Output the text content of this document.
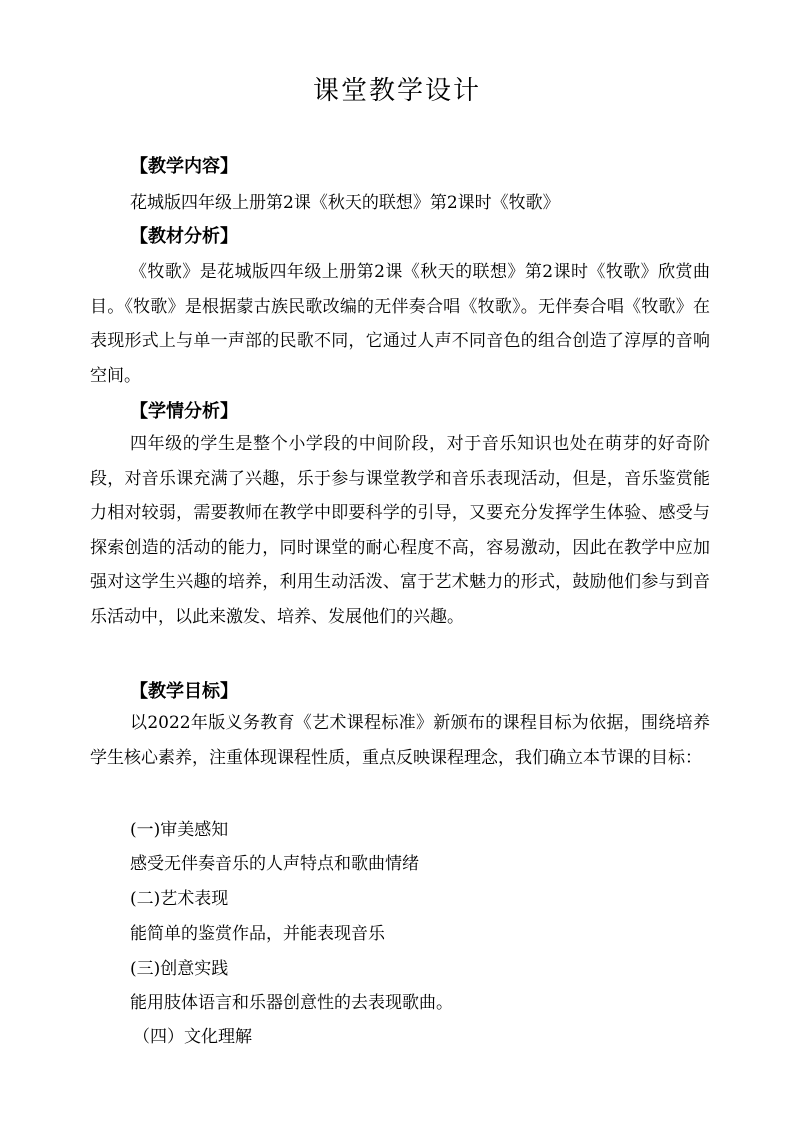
课堂教学设计
【教学内容】
花城版四年级上册第2课《秋天的联想》第2课时《牧歌》
【教材分析】

《牧歌》是花城版四年级上册第2课《秋天的联想》第2课时《牧歌》欣赏曲目。《牧歌》是根据蒙古族民歌改编的无伴奏合唱《牧歌》。无伴奏合唱《牧歌》在表现形式上与单一声部的民歌不同，它通过人声不同音色的组合创造了淳厚的音响空间。

【学情分析】

四年级的学生是整个小学段的中间阶段，对于音乐知识也处在萌芽的好奇阶段，对音乐课充满了兴趣，乐于参与课堂教学和音乐表现活动，但是，音乐鉴赏能力相对较弱，需要教师在教学中即要科学的引导，又要充分发挥学生体验、感受与探索创造的活动的能力，同时课堂的耐心程度不高，容易激动，因此在教学中应加强对这学生兴趣的培养，利用生动活泼、富于艺术魅力的形式，鼓励他们参与到音乐活动中，以此来激发、培养、发展他们的兴趣。

【教学目标】

以2022年版义务教育《艺术课程标准》新颁布的课程目标为依据，围绕培养学生核心素养，注重体现课程性质，重点反映课程理念，我们确立本节课的目标：

(一)审美感知
感受无伴奏音乐的人声特点和歌曲情绪
(二)艺术表现
能简单的鉴赏作品，并能表现音乐
(三)创意实践
能用肢体语言和乐器创意性的去表现歌曲。
（四）文化理解
